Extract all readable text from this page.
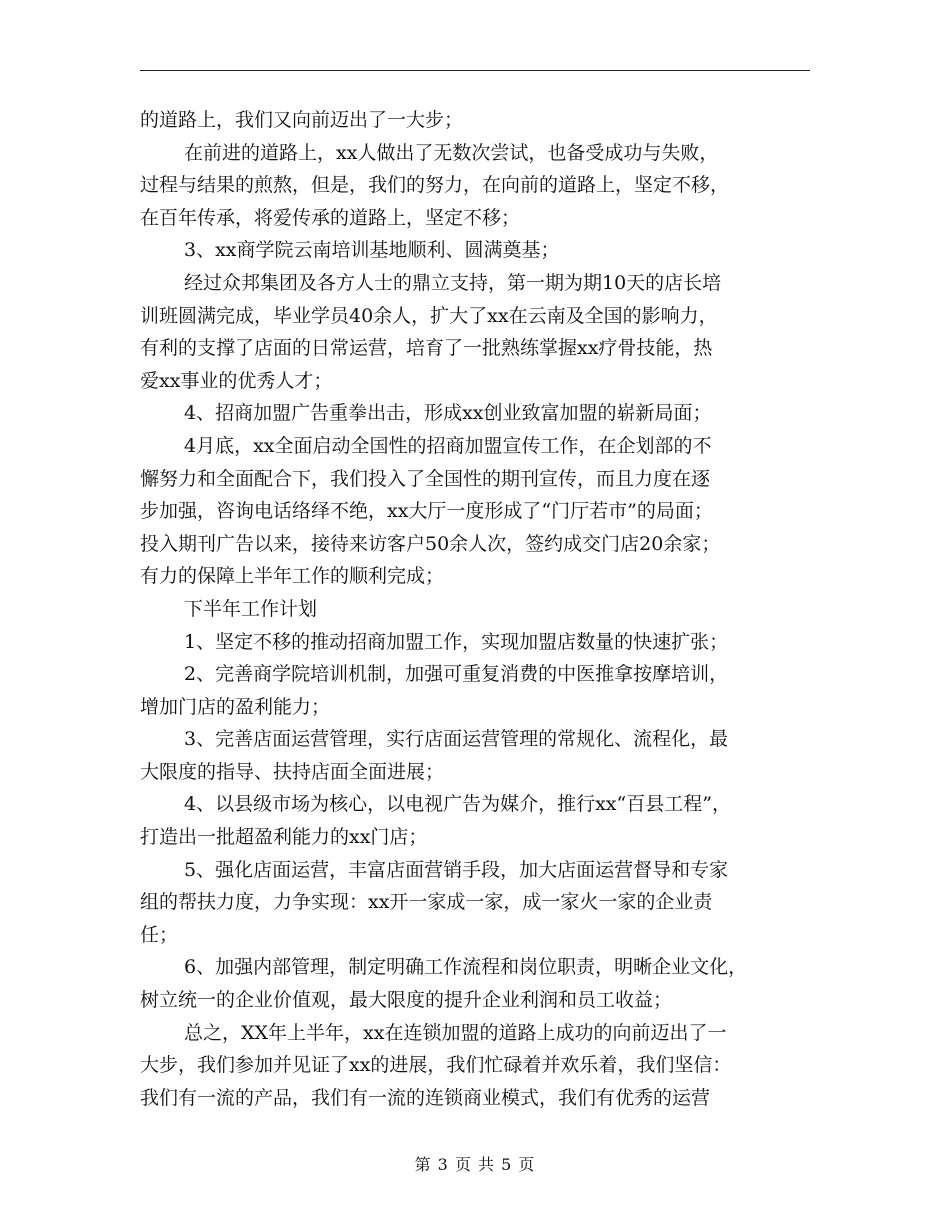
的道路上，我们又向前迈出了一大步；
在前进的道路上，xx人做出了无数次尝试，也备受成功与失败，
过程与结果的煎熬，但是，我们的努力，在向前的道路上，坚定不移，
在百年传承，将爱传承的道路上，坚定不移；
3、xx商学院云南培训基地顺利、圆满奠基；
经过众邦集团及各方人士的鼎立支持，第一期为期10天的店长培
训班圆满完成，毕业学员40余人，扩大了xx在云南及全国的影响力，
有利的支撑了店面的日常运营，培育了一批熟练掌握xx疗骨技能，热
爱xx事业的优秀人才；
4、招商加盟广告重拳出击，形成xx创业致富加盟的崭新局面；
4月底，xx全面启动全国性的招商加盟宣传工作，在企划部的不
懈努力和全面配合下，我们投入了全国性的期刊宣传，而且力度在逐
步加强，咨询电话络绎不绝，xx大厅一度形成了“门厅若市”的局面；
投入期刊广告以来，接待来访客户50余人次，签约成交门店20余家；
有力的保障上半年工作的顺利完成；
下半年工作计划
1、坚定不移的推动招商加盟工作，实现加盟店数量的快速扩张；
2、完善商学院培训机制，加强可重复消费的中医推拿按摩培训，
增加门店的盈利能力；
3、完善店面运营管理，实行店面运营管理的常规化、流程化，最
大限度的指导、扶持店面全面进展；
4、以县级市场为核心，以电视广告为媒介，推行xx“百县工程”，
打造出一批超盈利能力的xx门店；
5、强化店面运营，丰富店面营销手段，加大店面运营督导和专家
组的帮扶力度，力争实现：xx开一家成一家，成一家火一家的企业责
任；
6、加强内部管理，制定明确工作流程和岗位职责，明晰企业文化，
树立统一的企业价值观，最大限度的提升企业利润和员工收益；
总之，XX年上半年，xx在连锁加盟的道路上成功的向前迈出了一
大步，我们参加并见证了xx的进展，我们忙碌着并欢乐着，我们坚信：
我们有一流的产品，我们有一流的连锁商业模式，我们有优秀的运营
第 3 页 共 5 页
